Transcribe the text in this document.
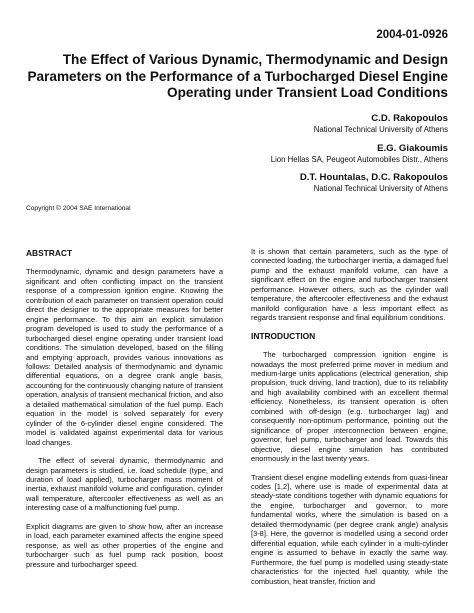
2004-01-0926
The Effect of Various Dynamic, Thermodynamic and Design Parameters on the Performance of a Turbocharged Diesel Engine Operating under Transient Load Conditions
C.D. Rakopoulos
National Technical University of Athens
E.G. Giakoumis
Lion Hellas SA, Peugeot Automobiles Distr., Athens
D.T. Hountalas, D.C. Rakopoulos
National Technical University of Athens
Copyright © 2004 SAE International
ABSTRACT

Thermodynamic, dynamic and design parameters have a significant and often conflicting impact on the transient response of a compression ignition engine. Knowing the contribution of each parameter on transient operation could direct the designer to the appropriate measures for better engine performance. To this aim an explicit simulation program developed is used to study the performance of a turbocharged diesel engine operating under transient load conditions. The simulation developed, based on the filling and emptying approach, provides various innovations as follows: Detailed analysis of thermodynamic and dynamic differential equations, on a degree crank angle basis, accounting for the continuously changing nature of transient operation, analysis of transient mechanical friction, and also a detailed mathematical simulation of the fuel pump. Each equation in the model is solved separately for every cylinder of the 6-cylinder diesel engine considered. The model is validated against experimental data for various load changes.

The effect of several dynamic, thermodynamic and design parameters is studied, i.e. load schedule (type, and duration of load applied), turbocharger mass moment of inertia, exhaust manifold volume and configuration, cylinder wall temperature, aftercooler effectiveness as well as an interesting case of a malfunctioning fuel pump.

Explicit diagrams are given to show how, after an increase in load, each parameter examined affects the engine speed response, as well as other properties of the engine and turbocharger such as fuel pump rack position, boost pressure and turbocharger speed.

It is shown that certain parameters, such as the type of connected loading, the turbocharger inertia, a damaged fuel pump and the exhaust manifold volume, can have a significant effect on the engine and turbocharger transient performance. However others, such as the cylinder wall temperature, the aftercooler effectiveness and the exhaust manifold configuration have a less important effect as regards transient response and final equilibrium conditions.

INTRODUCTION

The turbocharged compression ignition engine is nowadays the most preferred prime mover in medium and medium-large units applications (electrical generation, ship propulsion, truck driving, land traction), due to its reliability and high availability combined with an excellent thermal efficiency. Nonetheless, its transient operation is often combined with off-design (e.g. turbocharger lag) and consequently non-optimum performance, pointing out the significance of proper interconnection between engine, governor, fuel pump, turbocharger and load. Towards this objective, diesel engine simulation has contributed enormously in the last twenty years.

Transient diesel engine modelling extends from quasi-linear codes [1,2], where use is made of experimental data at steady-state conditions together with dynamic equations for the engine, turbocharger and governor, to more fundamental works, where the simulation is based on a detailed thermodynamic (per degree crank angle) analysis [3-8]. Here, the governor is modelled using a second order differential equation, while each cylinder in a multi-cylinder engine is assumed to behave in exactly the same way. Furthermore, the fuel pump is modelled using steady-state characteristics for the injected fuel quantity, while the combustion, heat transfer, friction and
